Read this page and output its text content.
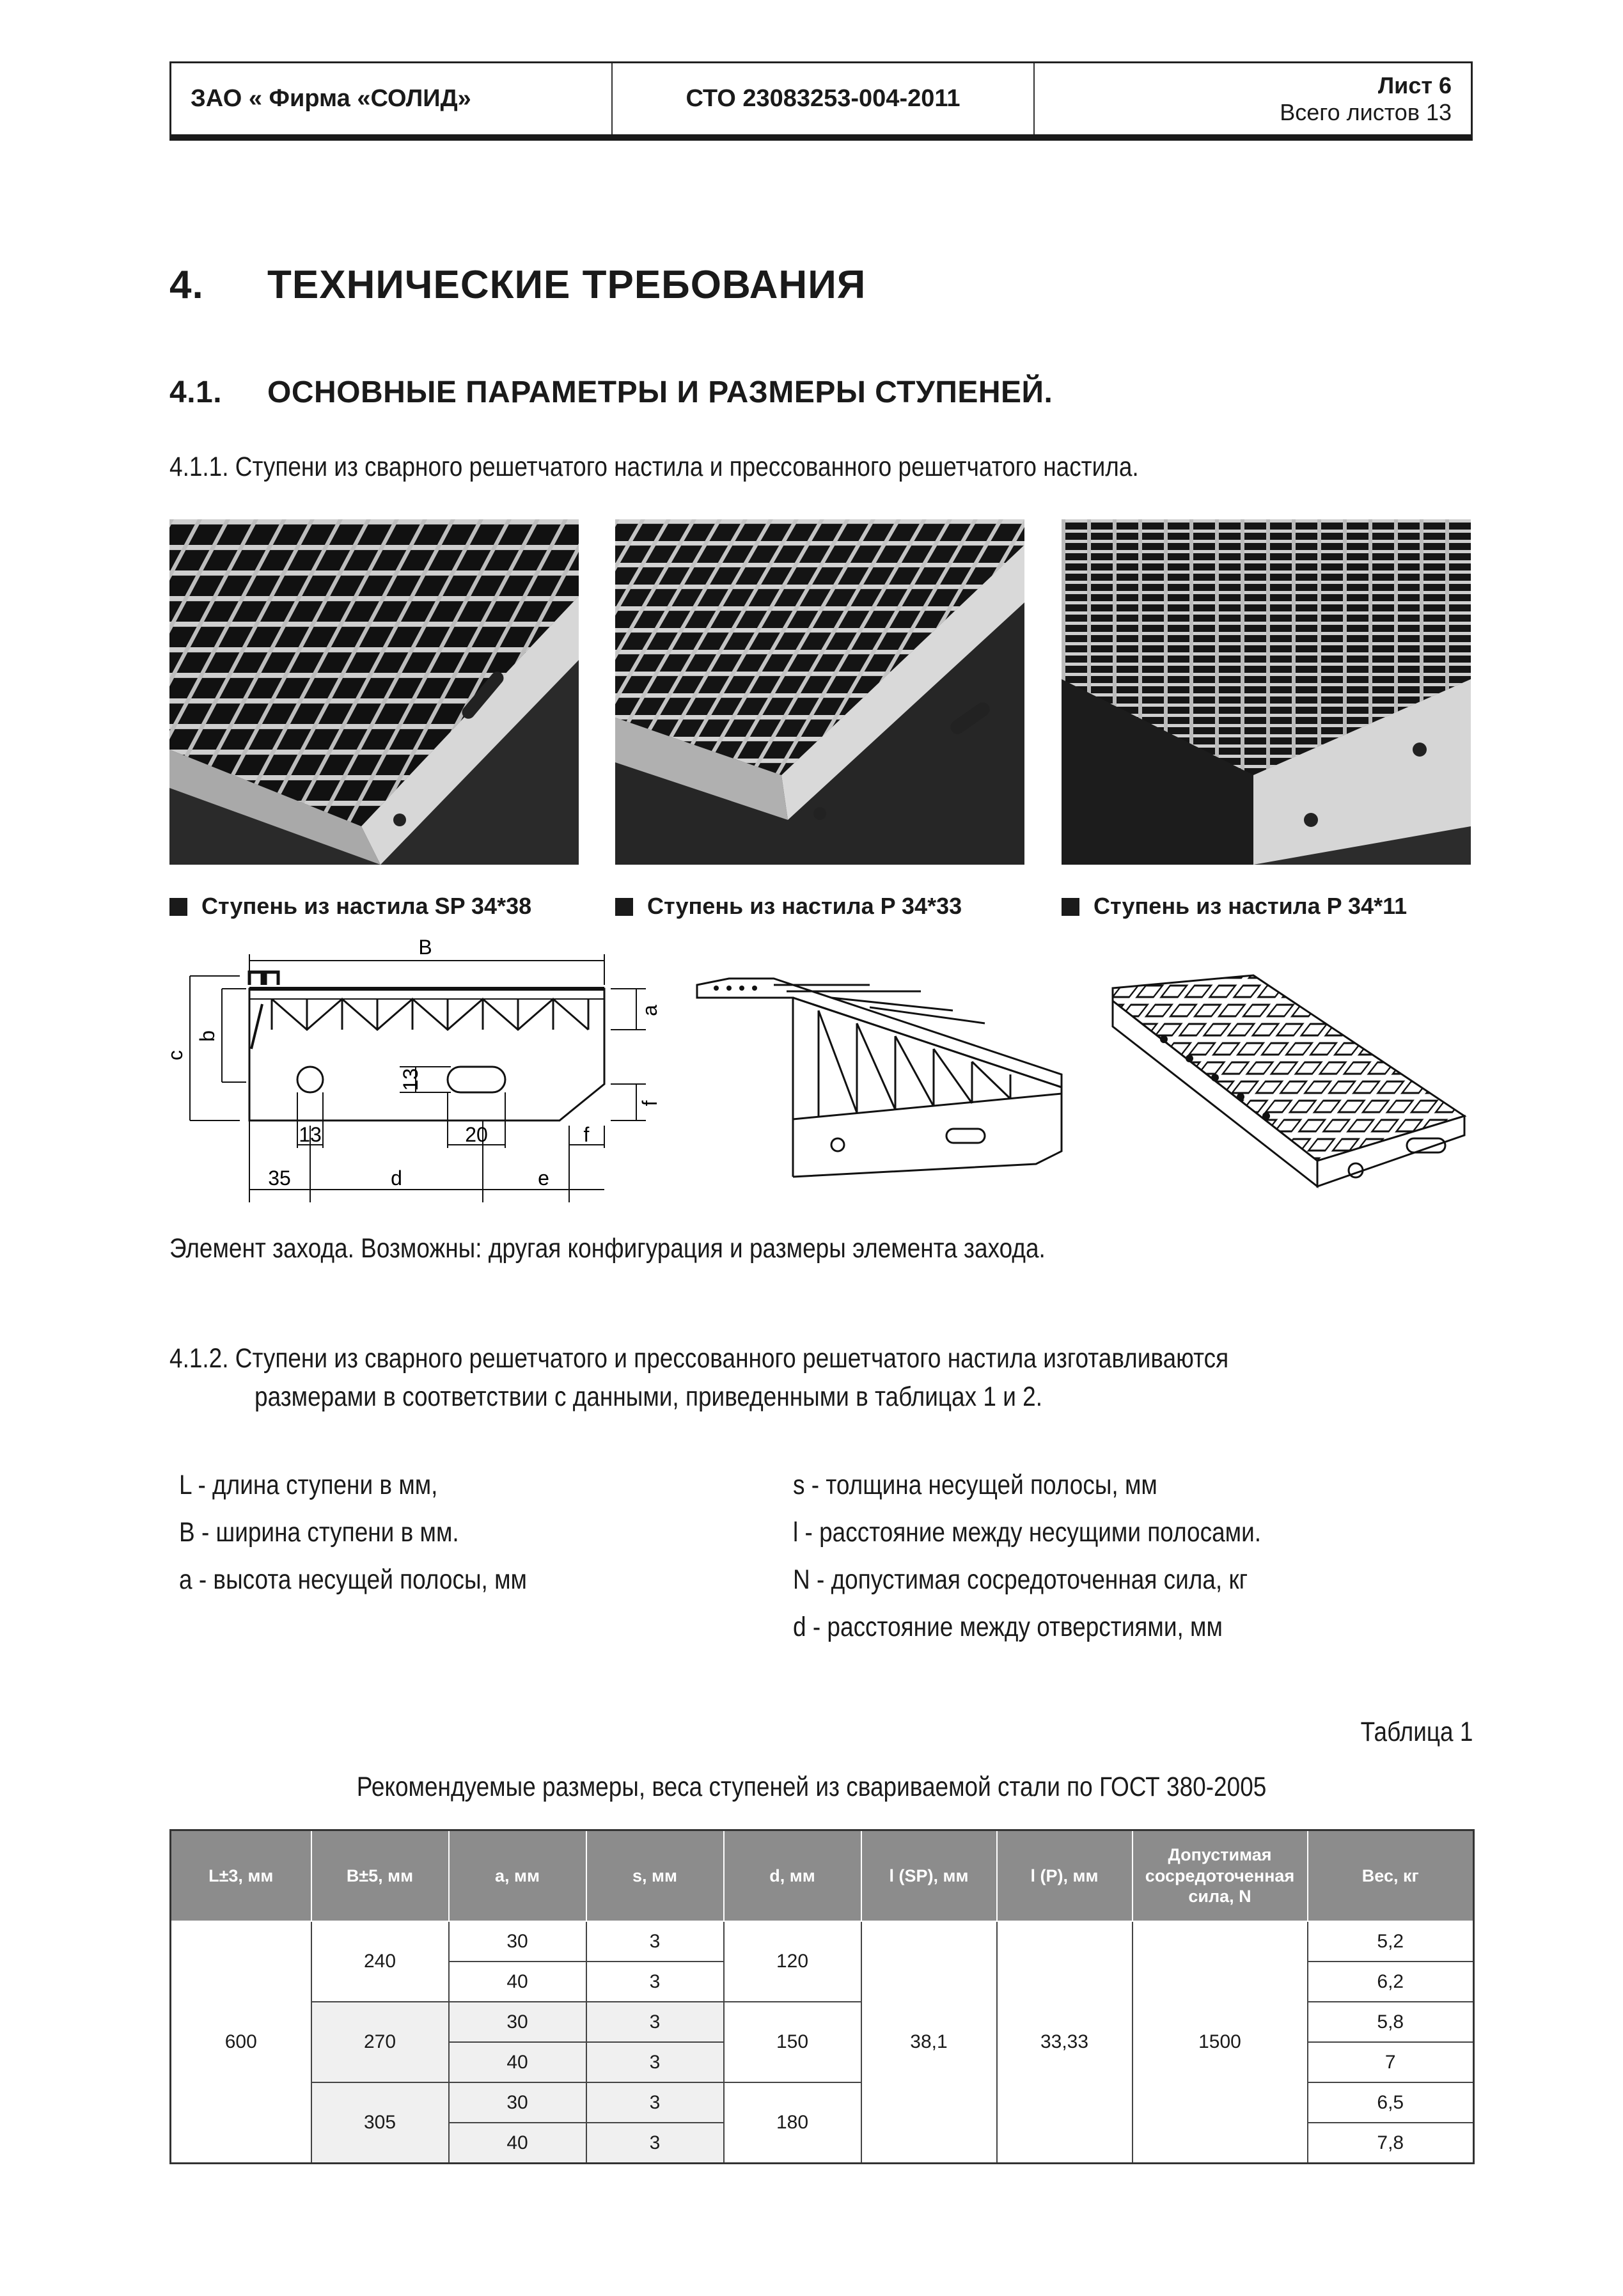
ЗАО « Фирма «СОЛИД»	СТО 23083253-004-2011	Лист 6
Всего листов 13
4. ТЕХНИЧЕСКИЕ ТРЕБОВАНИЯ
4.1. ОСНОВНЫЕ ПАРАМЕТРЫ И РАЗМЕРЫ СТУПЕНЕЙ.
4.1.1. Ступени из сварного решетчатого настила и прессованного решетчатого настила.
Ступень из настила SP 34*38	Ступень из настила P 34*33	Ступень из настила P 34*11
B
c
b
a
f
13
13	20	f
35	d	e
Элемент захода. Возможны: другая конфигурация и размеры элемента захода.
4.1.2. Ступени из сварного решетчатого и прессованного решетчатого настила изготавливаются
размерами в соответствии с данными, приведенными в таблицах 1 и 2.
L - длина ступени в мм,
B - ширина ступени в мм.
a - высота несущей полосы, мм
s - толщина несущей полосы, мм
l - расстояние между несущими полосами.
N - допустимая сосредоточенная сила, кг
d - расстояние между отверстиями, мм
Таблица 1
Рекомендуемые размеры, веса ступеней из свариваемой стали по ГОСТ 380-2005
L±3, мм	B±5, мм	a, мм	s, мм	d, мм	l (SP), мм	l (P), мм	Допустимая сосредоточенная сила, N	Вес, кг
600	240	30	3	120	38,1	33,33	1500	5,2
		40	3					6,2
	270	30	3	150				5,8
		40	3					7
	305	30	3	180				6,5
		40	3					7,8
